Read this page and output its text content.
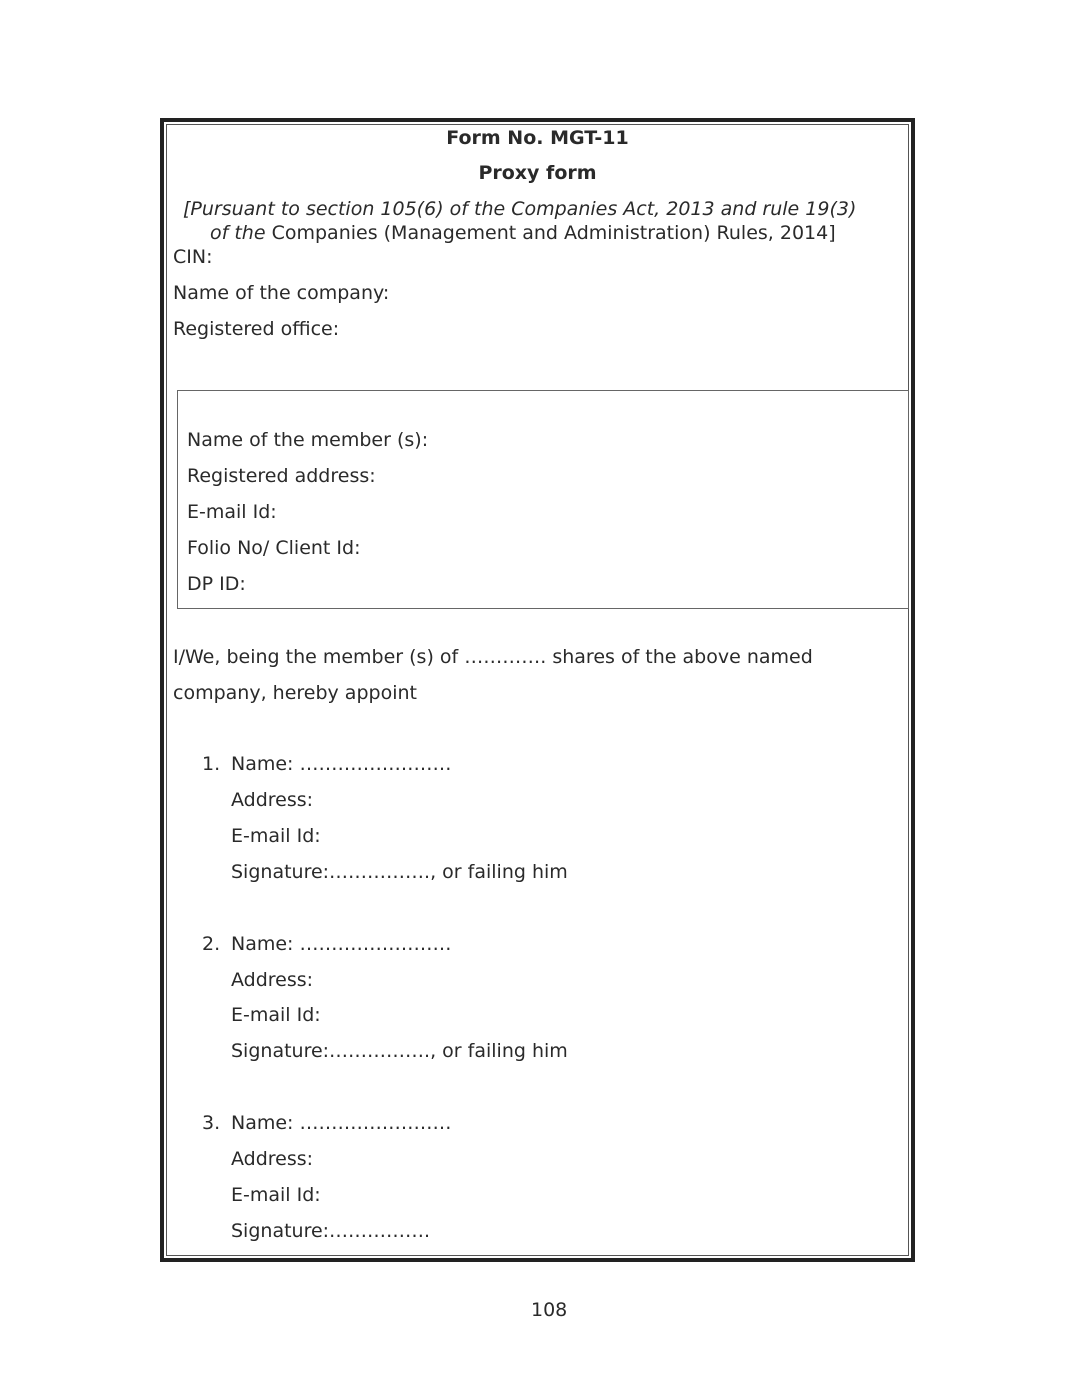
Form No. MGT-11
Proxy form
[Pursuant to section 105(6) of the Companies Act, 2013 and rule 19(3)
of the Companies (Management and Administration) Rules, 2014]
CIN:
Name of the company:
Registered office:
Name of the member (s):
Registered address:
E-mail Id:
Folio No/ Client Id:
DP ID:
I/We, being the member (s) of …………. shares of the above named
company, hereby appoint
1. Name: ……………………
Address:
E-mail Id:
Signature:……………., or failing him
2. Name: ……………………
Address:
E-mail Id:
Signature:……………., or failing him
3. Name: ……………………
Address:
E-mail Id:
Signature:…………….
108
